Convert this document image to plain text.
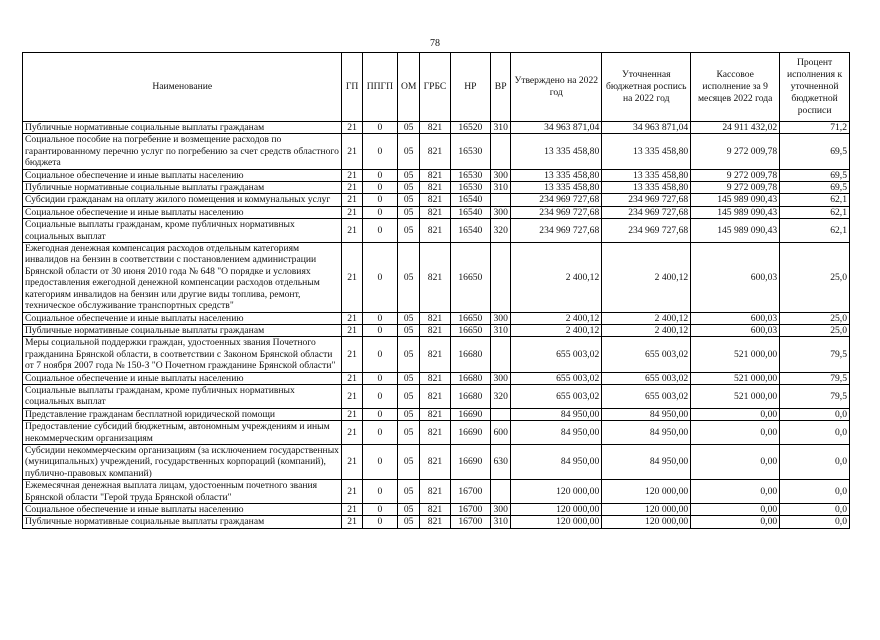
78
Наименование	ГП	ППГП	ОМ	ГРБС	НР	ВР	Утверждено на 2022 год	Уточненная бюджетная роспись на 2022 год	Кассовое исполнение за 9 месяцев 2022 года	Процент исполнения к уточненной бюджетной росписи
Публичные нормативные социальные выплаты гражданам	21	0	05	821	16520	310	34 963 871,04	34 963 871,04	24 911 432,02	71,2
Социальное пособие на погребение и возмещение расходов по гарантированному перечню услуг по погребению за счет средств областного бюджета	21	0	05	821	16530		13 335 458,80	13 335 458,80	9 272 009,78	69,5
Социальное обеспечение и иные выплаты населению	21	0	05	821	16530	300	13 335 458,80	13 335 458,80	9 272 009,78	69,5
Публичные нормативные социальные выплаты гражданам	21	0	05	821	16530	310	13 335 458,80	13 335 458,80	9 272 009,78	69,5
Субсидии гражданам на оплату жилого помещения и коммунальных услуг	21	0	05	821	16540		234 969 727,68	234 969 727,68	145 989 090,43	62,1
Социальное обеспечение и иные выплаты населению	21	0	05	821	16540	300	234 969 727,68	234 969 727,68	145 989 090,43	62,1
Социальные выплаты гражданам, кроме публичных нормативных социальных выплат	21	0	05	821	16540	320	234 969 727,68	234 969 727,68	145 989 090,43	62,1
Ежегодная денежная компенсация расходов отдельным категориям инвалидов на бензин в соответствии с постановлением администрации Брянской области от 30 июня 2010 года № 648 "О порядке и условиях предоставления ежегодной денежной компенсации расходов отдельным категориям инвалидов на бензин или другие виды топлива, ремонт, техническое обслуживание транспортных средств"	21	0	05	821	16650		2 400,12	2 400,12	600,03	25,0
Социальное обеспечение и иные выплаты населению	21	0	05	821	16650	300	2 400,12	2 400,12	600,03	25,0
Публичные нормативные социальные выплаты гражданам	21	0	05	821	16650	310	2 400,12	2 400,12	600,03	25,0
Меры социальной поддержки граждан, удостоенных звания Почетного гражданина Брянской области, в соответствии с Законом Брянской области от 7 ноября 2007 года № 150-З "О Почетном гражданине Брянской области"	21	0	05	821	16680		655 003,02	655 003,02	521 000,00	79,5
Социальное обеспечение и иные выплаты населению	21	0	05	821	16680	300	655 003,02	655 003,02	521 000,00	79,5
Социальные выплаты гражданам, кроме публичных нормативных социальных выплат	21	0	05	821	16680	320	655 003,02	655 003,02	521 000,00	79,5
Представление гражданам бесплатной юридической помощи	21	0	05	821	16690		84 950,00	84 950,00	0,00	0,0
Предоставление субсидий бюджетным, автономным учреждениям и иным некоммерческим организациям	21	0	05	821	16690	600	84 950,00	84 950,00	0,00	0,0
Субсидии некоммерческим организациям (за исключением государственных (муниципальных) учреждений, государственных корпораций (компаний), публично-правовых компаний)	21	0	05	821	16690	630	84 950,00	84 950,00	0,00	0,0
Ежемесячная денежная выплата лицам, удостоенным почетного звания Брянской области "Герой труда Брянской области"	21	0	05	821	16700		120 000,00	120 000,00	0,00	0,0
Социальное обеспечение и иные выплаты населению	21	0	05	821	16700	300	120 000,00	120 000,00	0,00	0,0
Публичные нормативные социальные выплаты гражданам	21	0	05	821	16700	310	120 000,00	120 000,00	0,00	0,0
